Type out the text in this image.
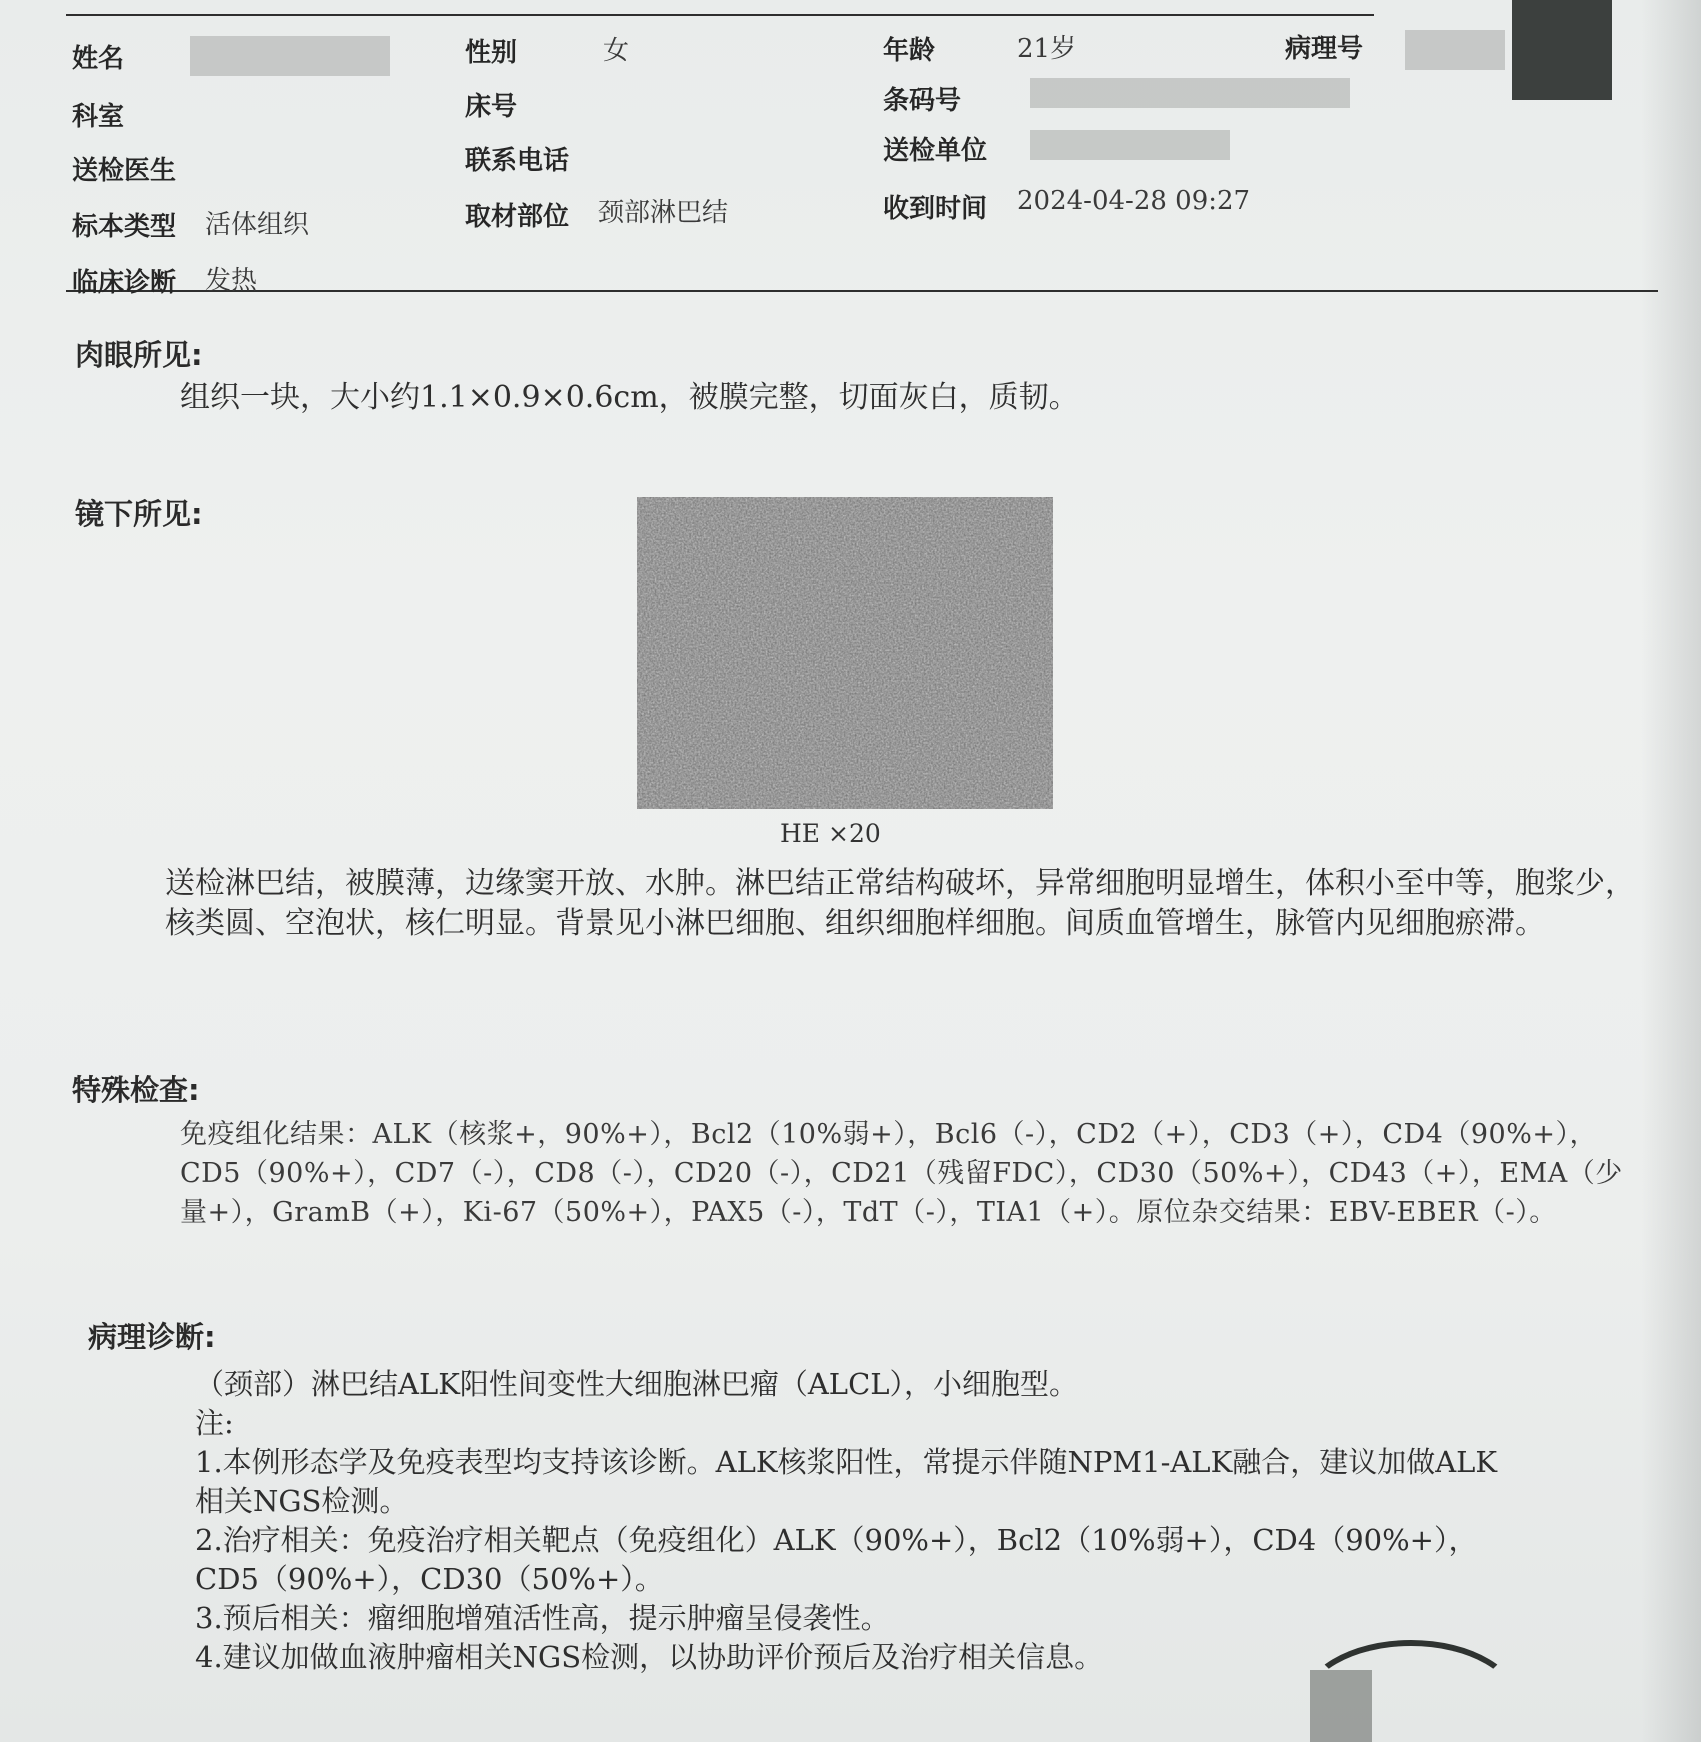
姓名	性别	女	年龄	21岁	病理号
科室	床号	条码号
送检医生	联系电话	送检单位
标本类型 活体组织	取材部位 颈部淋巴结	收到时间 2024-04-28 09:27
临床诊断 发热
肉眼所见:

组织一块，大小约1.1×0.9×0.6cm，被膜完整，切面灰白，质韧。

镜下所见:
HE ×20

送检淋巴结，被膜薄，边缘窦开放、水肿。淋巴结正常结构破坏，异常细胞明显增生，体积小至中等，胞浆少，核类圆、空泡状，核仁明显。背景见小淋巴细胞、组织细胞样细胞。间质血管增生，脉管内见细胞瘀滞。

特殊检查:

免疫组化结果：ALK（核浆+，90%+），Bcl2（10%弱+），Bcl6（-），CD2（+），CD3（+），CD4（90%+），CD5（90%+），CD7（-），CD8（-），CD20（-），CD21（残留FDC），CD30（50%+），CD43（+），EMA（少量+），GramB（+），Ki-67（50%+），PAX5（-），TdT（-），TIA1（+）。原位杂交结果：EBV-EBER（-）。

病理诊断:
（颈部）淋巴结ALK阳性间变性大细胞淋巴瘤（ALCL），小细胞型。
注:
1.本例形态学及免疫表型均支持该诊断。ALK核浆阳性，常提示伴随NPM1-ALK融合，建议加做ALK
相关NGS检测。
2.治疗相关：免疫治疗相关靶点（免疫组化）ALK（90%+），Bcl2（10%弱+），CD4（90%+），
CD5（90%+），CD30（50%+）。
3.预后相关：瘤细胞增殖活性高，提示肿瘤呈侵袭性。
4.建议加做血液肿瘤相关NGS检测，以协助评价预后及治疗相关信息。
